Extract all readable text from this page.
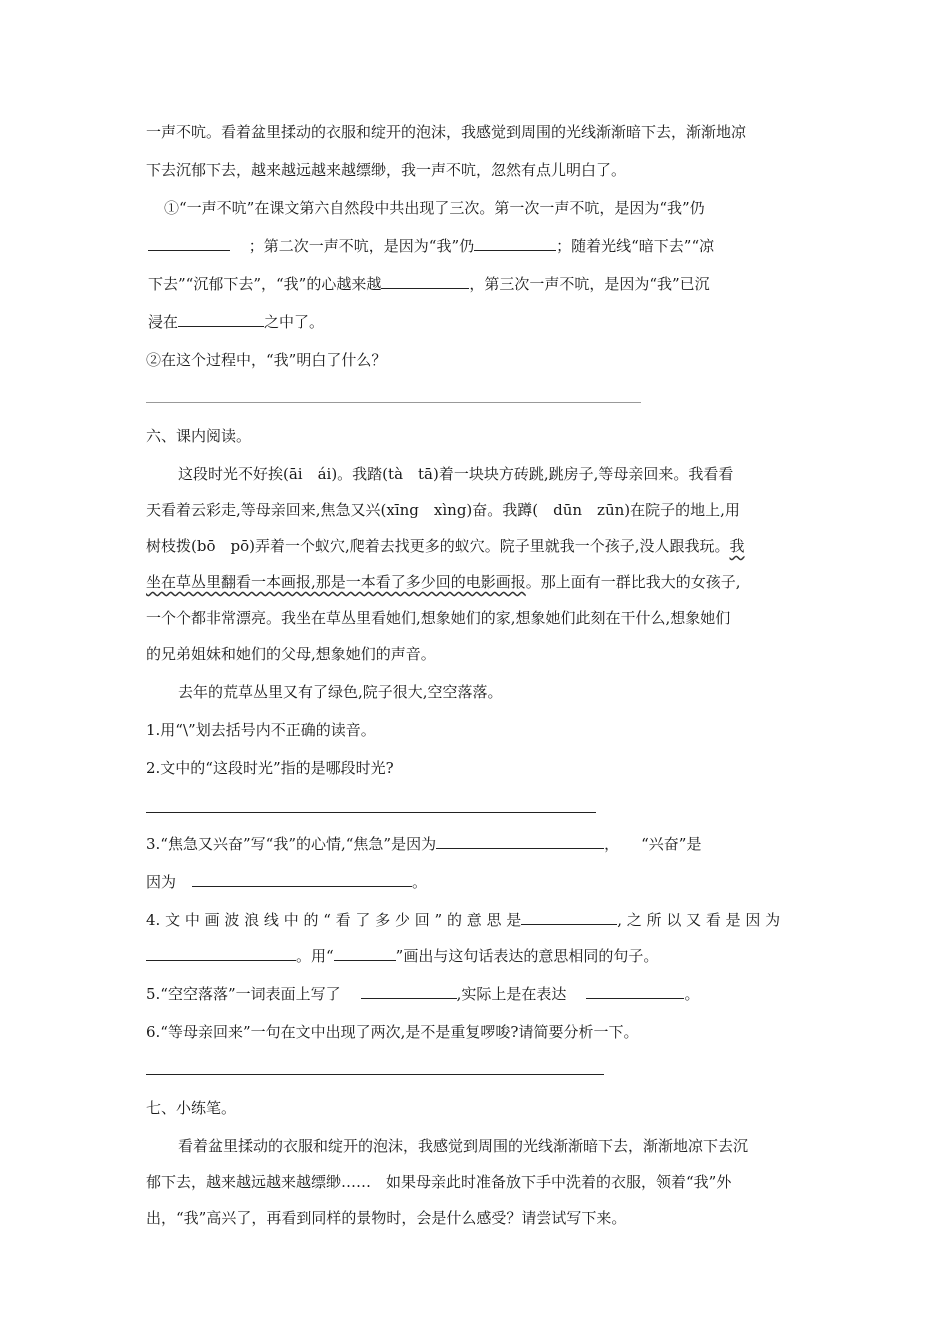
一声不吭。看着盆里揉动的衣服和绽开的泡沫，我感觉到周围的光线渐渐暗下去，渐渐地凉
下去沉郁下去，越来越远越来越缥缈，我一声不吭，忽然有点儿明白了。
①“一声不吭”在课文第六自然段中共出现了三次。第一次一声不吭，是因为“我”仍
；第二次一声不吭，是因为“我”仍	；随着光线“暗下去”“凉
下去”“沉郁下去”，“我”的心越来越	，第三次一声不吭，是因为“我”已沉
浸在	之中了。
②在这个过程中，“我”明白了什么？
六、课内阅读。
这段时光不好挨(āi　ái)。我踏(tà　tā)着一块块方砖跳,跳房子,等母亲回来。我看看
天看着云彩走,等母亲回来,焦急又兴(xīng　xìng)奋。我蹲(　dūn　zūn)在院子的地上,用
树枝拨(bō　pō)弄着一个蚁穴,爬着去找更多的蚁穴。院子里就我一个孩子,没人跟我玩。我
坐在草丛里翻看一本画报,那是一本看了多少回的电影画报。那上面有一群比我大的女孩子,
一个个都非常漂亮。我坐在草丛里看她们,想象她们的家,想象她们此刻在干什么,想象她们
的兄弟姐妹和她们的父母,想象她们的声音。
去年的荒草丛里又有了绿色,院子很大,空空落落。
1.用“\”划去括号内不正确的读音。
2.文中的“这段时光”指的是哪段时光?
3.“焦急又兴奋”写“我”的心情,“焦急”是因为	， “兴奋”是
因为	。
4. 文 中 画 波 浪 线 中 的 “ 看 了 多 少 回 ” 的 意 思 是	, 之 所 以 又 看 是 因 为
。用“	”画出与这句话表达的意思相同的句子。
5.“空空落落”一词表面上写了	,实际上是在表达	。
6.“等母亲回来”一句在文中出现了两次,是不是重复啰唆?请简要分析一下。
七、小练笔。
看着盆里揉动的衣服和绽开的泡沫，我感觉到周围的光线渐渐暗下去，渐渐地凉下去沉
郁下去，越来越远越来越缥缈……　如果母亲此时准备放下手中洗着的衣服，领着“我”外
出，“我”高兴了，再看到同样的景物时，会是什么感受？请尝试写下来。
